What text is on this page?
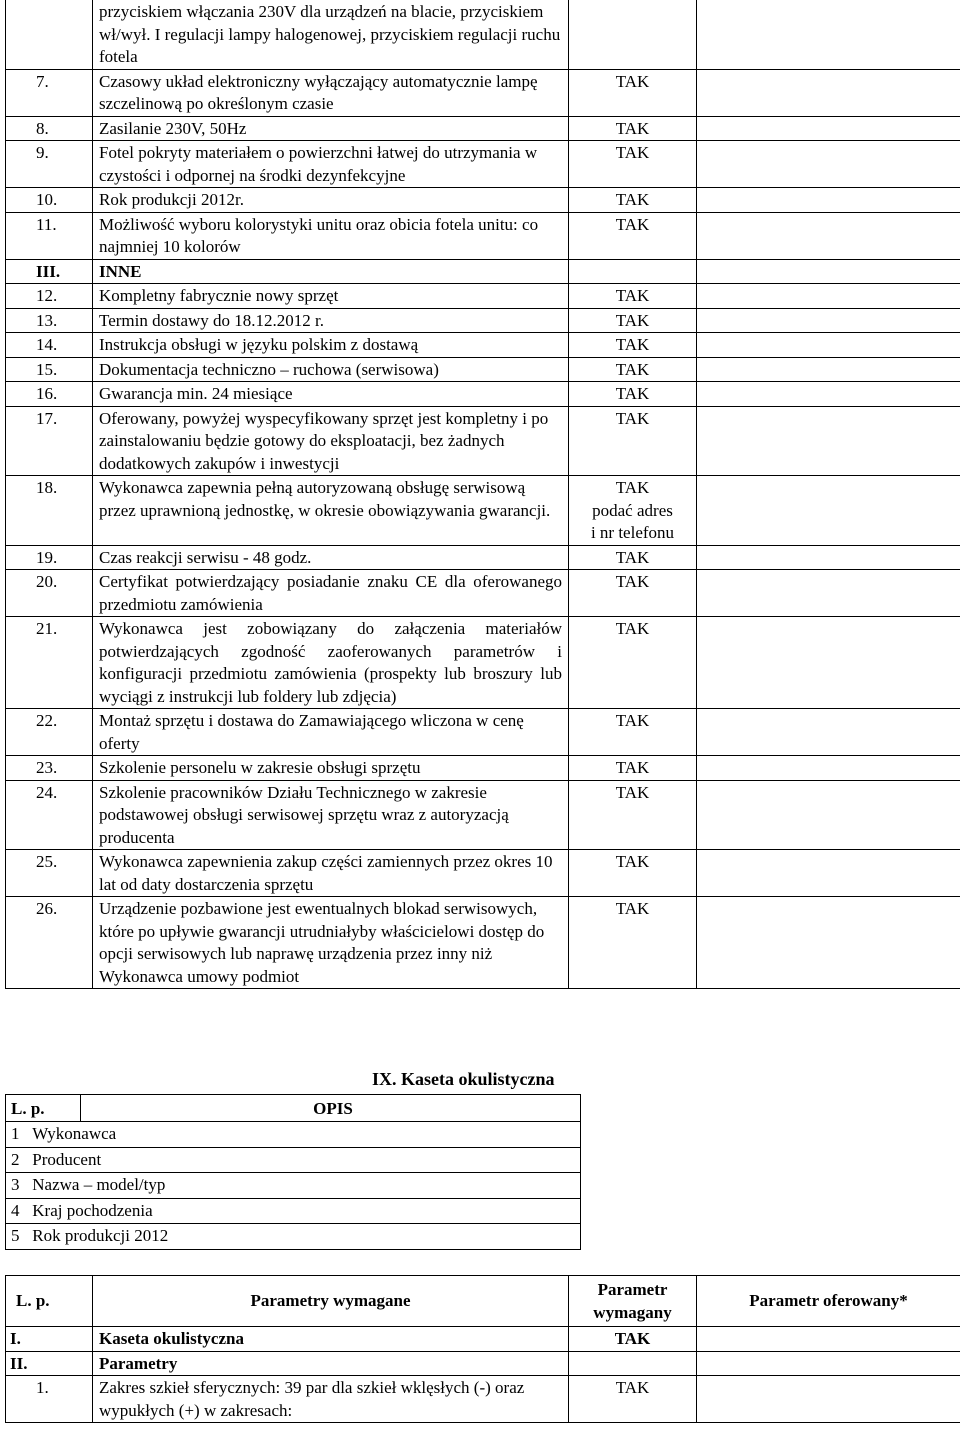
	przyciskiem włączania 230V dla urządzeń na blacie, przyciskiem wł/wył. I regulacji lampy halogenowej, przyciskiem regulacji ruchu fotela		
7.	Czasowy układ elektroniczny wyłączający automatycznie lampę szczelinową po określonym czasie	TAK	
8.	Zasilanie 230V, 50Hz	TAK	
9.	Fotel pokryty materiałem o powierzchni łatwej do utrzymania w czystości i odpornej na środki dezynfekcyjne	TAK	
10.	Rok produkcji 2012r.	TAK	
11.	Możliwość wyboru kolorystyki unitu oraz obicia fotela unitu: co najmniej 10 kolorów	TAK	
III.	INNE		
12.	Kompletny fabrycznie nowy sprzęt	TAK	
13.	Termin dostawy do 18.12.2012 r.	TAK	
14.	Instrukcja obsługi w języku polskim z dostawą	TAK	
15.	Dokumentacja techniczno – ruchowa (serwisowa)	TAK	
16.	Gwarancja min. 24 miesiące	TAK	
17.	Oferowany, powyżej wyspecyfikowany sprzęt jest kompletny i po zainstalowaniu będzie gotowy do eksploatacji, bez żadnych dodatkowych zakupów i inwestycji	TAK	
18.	Wykonawca zapewnia pełną autoryzowaną obsługę serwisową przez uprawnioną jednostkę, w okresie obowiązywania gwarancji.	TAK
podać adres
i nr telefonu	

19.	Czas reakcji serwisu - 48 godz.	TAK	
20.	Certyfikat potwierdzający posiadanie znaku CE dla oferowanego przedmiotu zamówienia	TAK	
21.	Wykonawca jest zobowiązany do załączenia materiałów potwierdzających zgodność zaoferowanych parametrów i konfiguracji przedmiotu zamówienia (prospekty lub broszury lub wyciągi z instrukcji lub foldery lub zdjęcia)	TAK	
22.	Montaż sprzętu i dostawa do Zamawiającego wliczona w cenę oferty	TAK	
23.	Szkolenie personelu w zakresie obsługi sprzętu	TAK	
24.	Szkolenie pracowników Działu Technicznego w zakresie podstawowej obsługi serwisowej sprzętu wraz z autoryzacją producenta	TAK	
25.	Wykonawca zapewnienia zakup części zamiennych przez okres 10 lat od daty dostarczenia sprzętu	TAK	
26.	Urządzenie pozbawione jest ewentualnych blokad serwisowych, które po upływie gwarancji utrudniałyby właścicielowi dostęp do opcji serwisowych lub naprawę urządzenia przez inny niż Wykonawca umowy podmiot	TAK	
IX. Kaseta okulistyczna
L. p.	OPIS
1 Wykonawca
2 Producent
3 Nazwa – model/typ
4 Kraj pochodzenia
5 Rok produkcji 2012
L. p.	Parametry wymagane	Parametr wymagany	Parametr oferowany*
I.	Kaseta okulistyczna	TAK	
II.	Parametry		
1.	Zakres szkieł sferycznych: 39 par dla szkieł wklęsłych (-) oraz wypukłych (+) w zakresach:	TAK	
